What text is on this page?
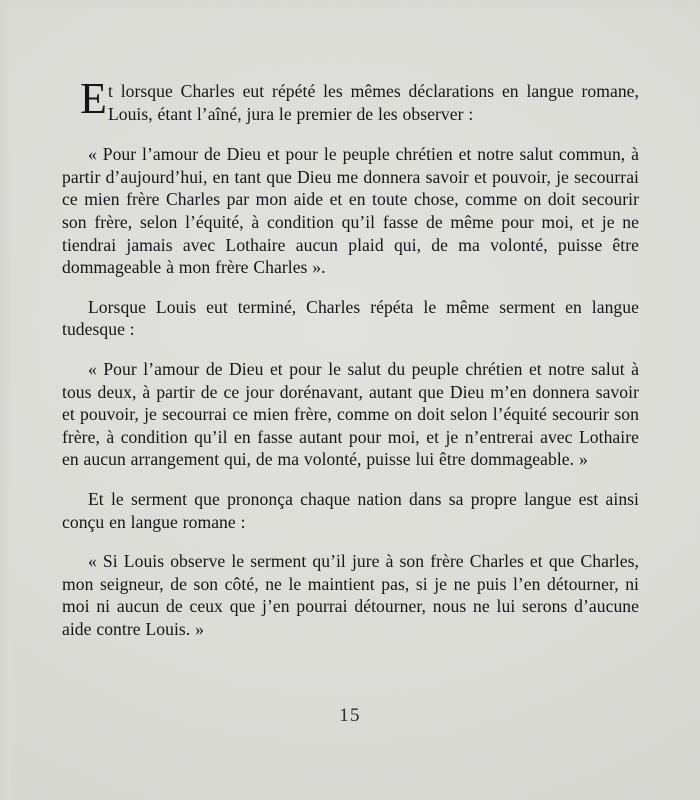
Et lorsque Charles eut répété les mêmes déclarations en langue romane, Louis, étant l’aîné, jura le premier de les observer :

« Pour l’amour de Dieu et pour le peuple chrétien et notre salut commun, à partir d’aujourd’hui, en tant que Dieu me donnera savoir et pouvoir, je secourrai ce mien frère Charles par mon aide et en toute chose, comme on doit secourir son frère, selon l’équité, à condition qu’il fasse de même pour moi, et je ne tiendrai jamais avec Lothaire aucun plaid qui, de ma volonté, puisse être dommageable à mon frère Charles ».

Lorsque Louis eut terminé, Charles répéta le même serment en langue tudesque :

« Pour l’amour de Dieu et pour le salut du peuple chrétien et notre salut à tous deux, à partir de ce jour dorénavant, autant que Dieu m’en donnera savoir et pouvoir, je secourrai ce mien frère, comme on doit selon l’équité secourir son frère, à condition qu’il en fasse autant pour moi, et je n’entrerai avec Lothaire en aucun arrangement qui, de ma volonté, puisse lui être dommageable. »

Et le serment que prononça chaque nation dans sa propre langue est ainsi conçu en langue romane :

« Si Louis observe le serment qu’il jure à son frère Charles et que Charles, mon seigneur, de son côté, ne le maintient pas, si je ne puis l’en détourner, ni moi ni aucun de ceux que j’en pourrai détourner, nous ne lui serons d’aucune aide contre Louis. »

15
